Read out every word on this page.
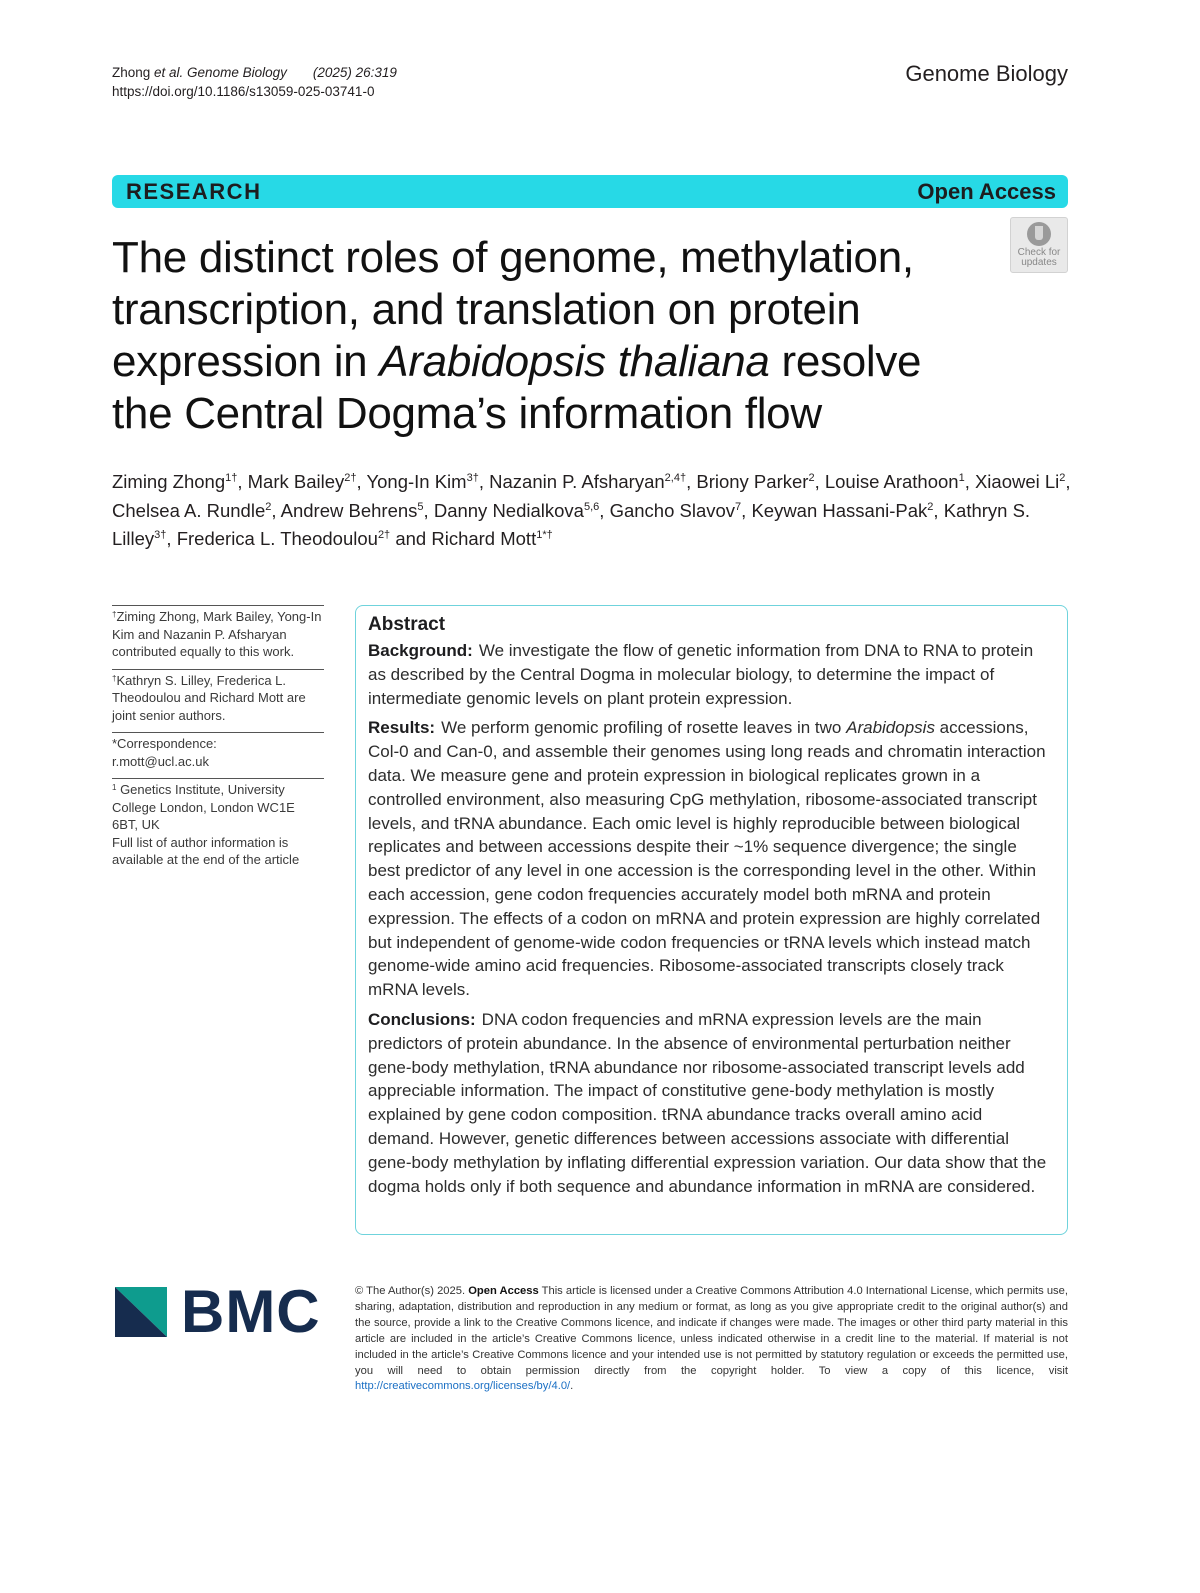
Zhong et al. Genome Biology (2025) 26:319
https://doi.org/10.1186/s13059-025-03741-0
Genome Biology
RESEARCH	Open Access
The distinct roles of genome, methylation, transcription, and translation on protein expression in Arabidopsis thaliana resolve the Central Dogma’s information flow
Check for
updates
Ziming Zhong$^{1\dagger}$, Mark Bailey$^{2\dagger}$, Yong-In Kim$^{3\dagger}$, Nazanin P. Afsharyan$^{2,4\dagger}$, Briony Parker$^2$, Louise Arathoon$^1$, Xiaowei Li$^2$, Chelsea A. Rundle$^2$, Andrew Behrens$^5$, Danny Nedialkova$^{5,6}$, Gancho Slavov$^7$, Keywan Hassani-Pak$^2$, Kathryn S. Lilley$^{3\dagger}$, Frederica L. Theodoulou$^{2\dagger}$ and Richard Mott$^{1*\dagger}$
†Ziming Zhong, Mark Bailey, Yong-In Kim and Nazanin P. Afsharyan contributed equally to this work.
†Kathryn S. Lilley, Frederica L. Theodoulou and Richard Mott are joint senior authors.
*Correspondence:
r.mott@ucl.ac.uk
$^1$ Genetics Institute, University College London, London WC1E 6BT, UK
Full list of author information is available at the end of the article
Abstract

Background: We investigate the flow of genetic information from DNA to RNA to protein as described by the Central Dogma in molecular biology, to determine the impact of intermediate genomic levels on plant protein expression.

Results: We perform genomic profiling of rosette leaves in two Arabidopsis accessions, Col-0 and Can-0, and assemble their genomes using long reads and chromatin interaction data. We measure gene and protein expression in biological replicates grown in a controlled environment, also measuring CpG methylation, ribosome-associated transcript levels, and tRNA abundance. Each omic level is highly reproducible between biological replicates and between accessions despite their ~1% sequence divergence; the single best predictor of any level in one accession is the corresponding level in the other. Within each accession, gene codon frequencies accurately model both mRNA and protein expression. The effects of a codon on mRNA and protein expression are highly correlated but independent of genome-wide codon frequencies or tRNA levels which instead match genome-wide amino acid frequencies. Ribosome-associated transcripts closely track mRNA levels.

Conclusions: DNA codon frequencies and mRNA expression levels are the main predictors of protein abundance. In the absence of environmental perturbation neither gene-body methylation, tRNA abundance nor ribosome-associated transcript levels add appreciable information. The impact of constitutive gene-body methylation is mostly explained by gene codon composition. tRNA abundance tracks overall amino acid demand. However, genetic differences between accessions associate with differential gene-body methylation by inflating differential expression variation. Our data show that the dogma holds only if both sequence and abundance information in mRNA are considered.

BMC	© The Author(s) 2025. Open Access This article is licensed under a Creative Commons Attribution 4.0 International License, which permits use, sharing, adaptation, distribution and reproduction in any medium or format, as long as you give appropriate credit to the original author(s) and the source, provide a link to the Creative Commons licence, and indicate if changes were made. The images or other third party material in this article are included in the article’s Creative Commons licence, unless indicated otherwise in a credit line to the material. If material is not included in the article’s Creative Commons licence and your intended use is not permitted by statutory regulation or exceeds the permitted use, you will need to obtain permission directly from the copyright holder. To view a copy of this licence, visit http://creativecommons.org/licenses/by/4.0/.
